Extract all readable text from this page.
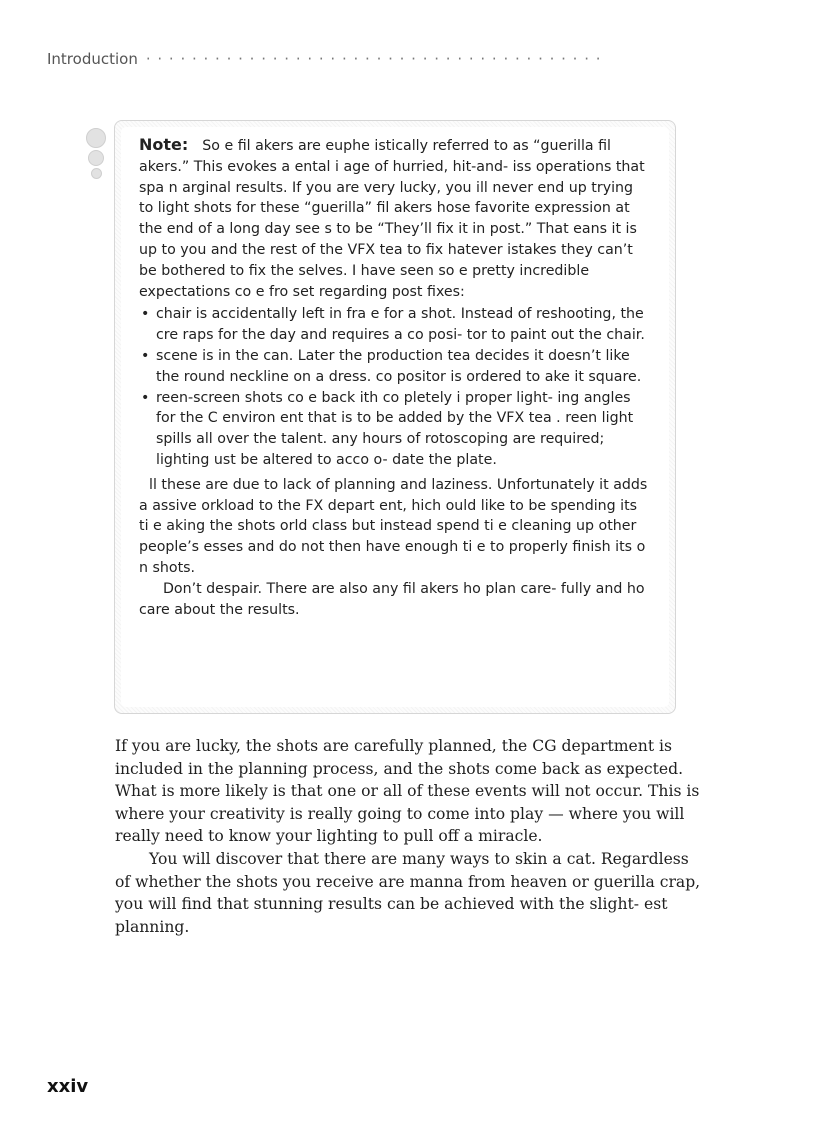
Introduction · · · · · · · · · · · · · · · · · · · · · · · · · · · · · · · · · · · · · · · ·

Note: So e fil akers are euphe istically referred to as “guerilla fil akers.” This evokes a ental i age of hurried, hit-and- iss operations that spa n arginal results. If you are very lucky, you ill never end up trying to light shots for these “guerilla” fil akers hose favorite expression at the end of a long day see s to be “They’ll fix it in post.” That eans it is up to you and the rest of the VFX tea to fix hatever istakes they can’t be bothered to fix the selves. I have seen so e pretty incredible expectations co e fro set regarding post fixes:

• chair is accidentally left in fra e for a shot. Instead of reshooting, the cre raps for the day and requires a co posi- tor to paint out the chair.
• scene is in the can. Later the production tea decides it doesn’t like the round neckline on a dress. co positor is ordered to ake it square.
• reen-screen shots co e back ith co pletely i proper light- ing angles for the C environ ent that is to be added by the VFX tea . reen light spills all over the talent. any hours of rotoscoping are required; lighting ust be altered to acco o- date the plate.

ll these are due to lack of planning and laziness. Unfortunately it adds a assive orkload to the FX depart ent, hich ould like to be spending its ti e aking the shots orld class but instead spend ti e cleaning up other people’s esses and do not then have enough ti e to properly finish its o n shots.

Don’t despair. There are also any fil akers ho plan care- fully and ho care about the results.

If you are lucky, the shots are carefully planned, the CG department is included in the planning process, and the shots come back as expected. What is more likely is that one or all of these events will not occur. This is where your creativity is really going to come into play — where you will really need to know your lighting to pull off a miracle.

You will discover that there are many ways to skin a cat. Regardless of whether the shots you receive are manna from heaven or guerilla crap, you will find that stunning results can be achieved with the slight- est planning.

xxiv
